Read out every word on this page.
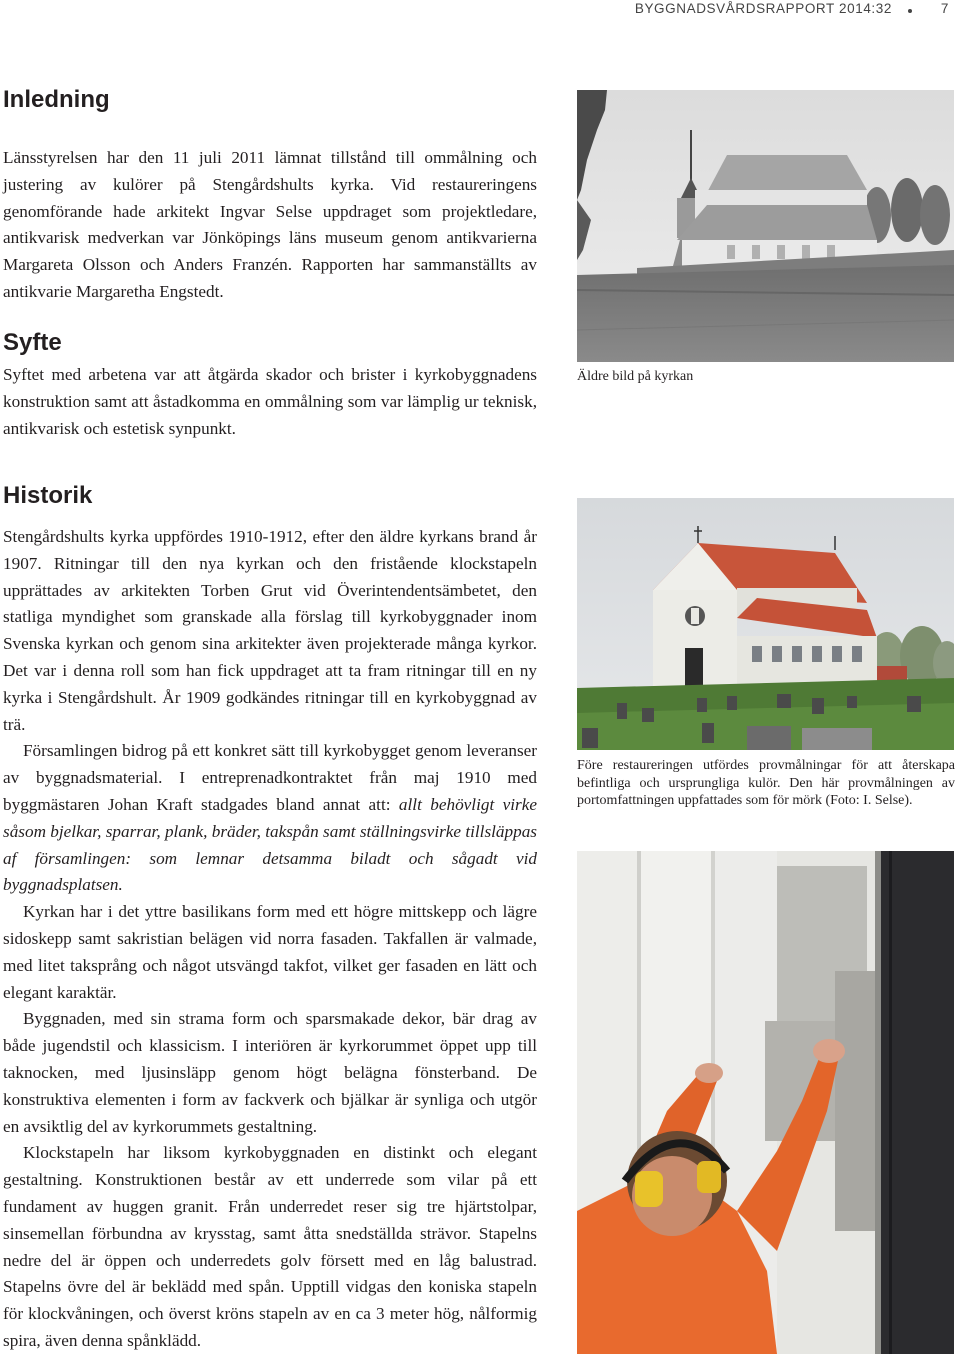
BYGGNADSVÅRDSRAPPORT 2014:32	7
Inledning

Länsstyrelsen har den 11 juli 2011 lämnat tillstånd till ommålning och justering av kulörer på Stengårdshults kyrka. Vid restaureringens genomförande hade arkitekt Ingvar Selse uppdraget som projektledare, antikvarisk medverkan var Jönköpings läns museum genom antikvarierna Margareta Olsson och Anders Franzén. Rapporten har sammanställts av antikvarie Margaretha Engstedt.

Syfte

Syftet med arbetena var att åtgärda skador och brister i kyrkobyggnadens konstruktion samt att åstadkomma en ommålning som var lämplig ur teknisk, antikvarisk och estetisk synpunkt.

Historik

Stengårdshults kyrka uppfördes 1910-1912, efter den äldre kyrkans brand år 1907. Ritningar till den nya kyrkan och den fristående klockstapeln upprättades av arkitekten Torben Grut vid Överintendentsämbetet, den statliga myndighet som granskade alla förslag till kyrkobyggnader inom Svenska kyrkan och genom sina arkitekter även projekterade många kyrkor. Det var i denna roll som han fick uppdraget att ta fram ritningar till en ny kyrka i Stengårdshult. År 1909 godkändes ritningar till en kyrkobyggnad av trä.

Församlingen bidrog på ett konkret sätt till kyrkobygget genom leveranser av byggnadsmaterial. I entreprenadkontraktet från maj 1910 med byggmästaren Johan Kraft stadgades bland annat att: allt behövligt virke såsom bjelkar, sparrar, plank, bräder, takspån samt ställningsvirke tillsläppas af församlingen: som lemnar detsamma biladt och sågadt vid byggnadsplatsen.

Kyrkan har i det yttre basilikans form med ett högre mittskepp och lägre sidoskepp samt sakristian belägen vid norra fasaden. Takfallen är valmade, med litet taksprång och något utsvängd takfot, vilket ger fasaden en lätt och elegant karaktär.

Byggnaden, med sin strama form och sparsmakade dekor, bär drag av både jugendstil och klassicism. I interiören är kyrkorummet öppet upp till taknocken, med ljusinsläpp genom högt belägna fönsterband. De konstruktiva elementen i form av fackverk och bjälkar är synliga och utgör en avsiktlig del av kyrkorummets gestaltning.

Klockstapeln har liksom kyrkobyggnaden en distinkt och elegant gestaltning. Konstruktionen består av ett underrede som vilar på ett fundament av huggen granit. Från underredet reser sig tre hjärtstolpar, sinsemellan förbundna av krysstag, samt åtta snedställda strävor. Stapelns nedre del är öppen och underredets golv försett med en låg balustrad. Stapelns övre del är beklädd med spån. Upptill vidgas den koniska stapeln för klockvåningen, och överst kröns stapeln av en ca 3 meter hög, nålformig spira, även denna spånklädd.

Äldre bild på kyrkan

Före restaureringen utfördes provmålningar för att återskapa befintliga och ursprungliga kulör. Den här provmålningen av portomfattningen uppfattades som för mörk (Foto: I. Selse).
